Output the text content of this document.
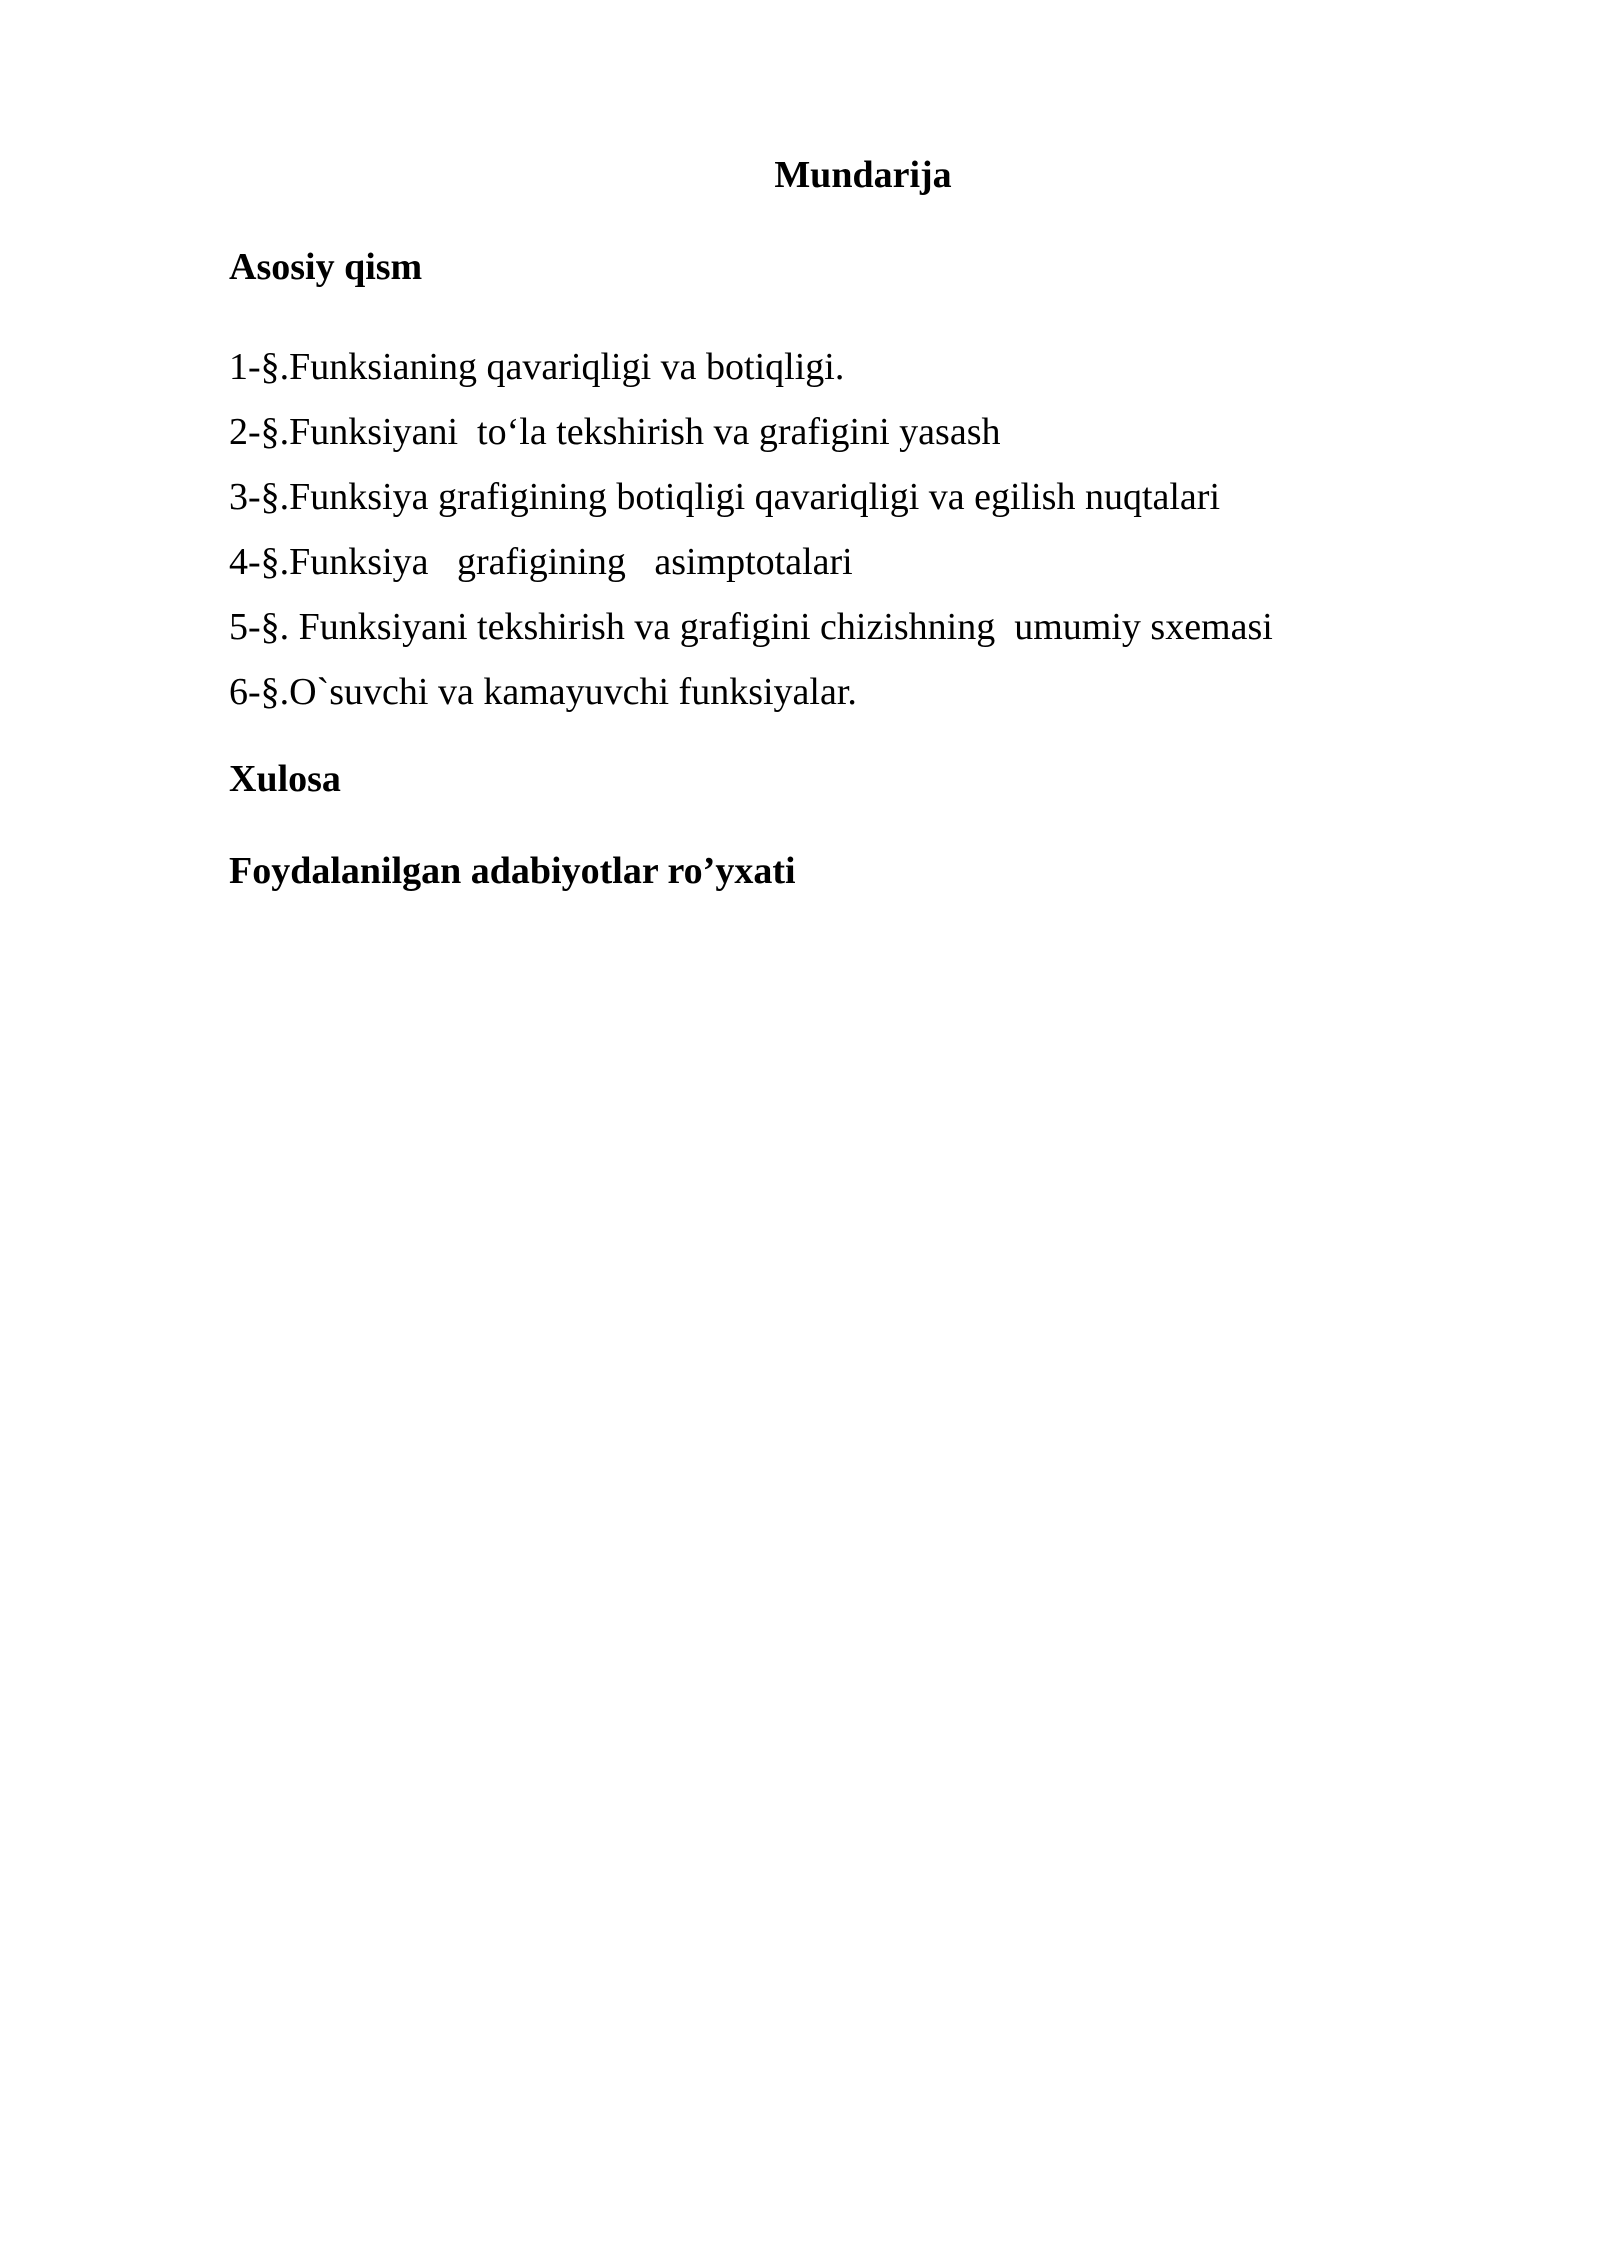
Mundarija
Asosiy qism
1-§.Funksianing qavariqligi va botiqligi.
2-§.Funksiyani  to‘la tekshirish va grafigini yasash
3-§.Funksiya grafigining botiqligi qavariqligi va egilish nuqtalari
4-§.Funksiya   grafigining   asimptotalari
5-§. Funksiyani tekshirish va grafigini chizishning  umumiy sxemasi
6-§.O`suvchi va kamayuvchi funksiyalar.
Xulosa
Foydalanilgan adabiyotlar ro’yxati
